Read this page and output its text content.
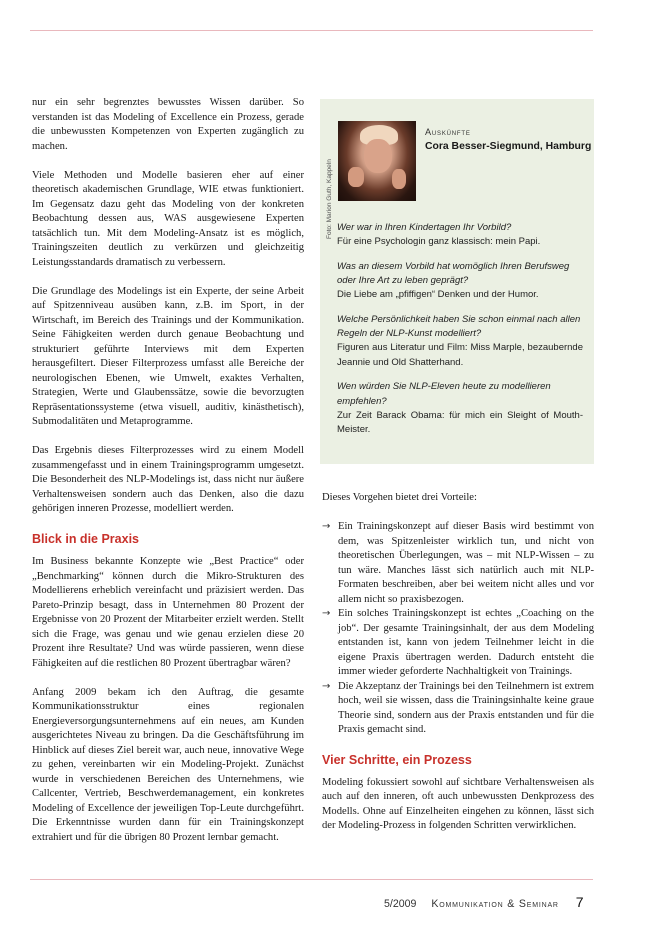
nur ein sehr begrenztes bewusstes Wissen darüber. So verstanden ist das Modeling of Excellence ein Prozess, gerade die unbewussten Kompetenzen von Experten zugänglich zu machen.

Viele Methoden und Modelle basieren eher auf einer theoretisch akademischen Grundlage, WIE etwas funktioniert. Im Gegensatz dazu geht das Modeling von der konkreten Beobachtung dessen aus, WAS ausgewiesene Experten tatsächlich tun. Mit dem Modeling-Ansatz ist es möglich, Trainingszeiten deutlich zu verkürzen und gleichzeitig Leistungsstandards dramatisch zu verbessern.

Die Grundlage des Modelings ist ein Experte, der seine Arbeit auf Spitzenniveau ausüben kann, z.B. im Sport, in der Wirtschaft, im Bereich des Trainings und der Kommunikation. Seine Fähigkeiten werden durch genaue Beobachtung und strukturiert geführte Interviews mit dem Experten herausgefiltert. Dieser Filterprozess umfasst alle Bereiche der neurologischen Ebenen, wie Umwelt, exaktes Verhalten, Strategien, Werte und Glaubenssätze, sowie die bevorzugten Repräsentationssysteme (etwa visuell, auditiv, kinästhetisch), Submodalitäten und Metaprogramme.

Das Ergebnis dieses Filterprozesses wird zu einem Modell zusammengefasst und in einem Trainingsprogramm umgesetzt. Die Besonderheit des NLP-Modelings ist, dass nicht nur äußere Verhaltensweisen sondern auch das Denken, also die dazu gehörigen inneren Prozesse, modelliert werden.

Blick in die Praxis

Im Business bekannte Konzepte wie „Best Practice“ oder „Benchmarking“ können durch die Mikro-Strukturen des Modellierens erheblich vereinfacht und präzisiert werden. Das Pareto-Prinzip besagt, dass in Unternehmen 80 Prozent der Ergebnisse von 20 Prozent der Mitarbeiter erzielt werden. Stellt sich die Frage, was genau und wie genau erzielen diese 20 Prozent ihre Resultate? Und was würde passieren, wenn diese Fähigkeiten auf die restlichen 80 Prozent übertragbar wären?

Anfang 2009 bekam ich den Auftrag, die gesamte Kommunikationsstruktur eines regionalen Energieversorgungsunternehmens auf ein neues, am Kunden ausgerichtetes Niveau zu bringen. Da die Geschäftsführung im Hinblick auf dieses Ziel bereit war, auch neue, innovative Wege zu gehen, vereinbarten wir ein Modeling-Projekt. Zunächst wurde in verschiedenen Bereichen des Unternehmens, wie Callcenter, Vertrieb, Beschwerdemanagement, ein konkretes Modeling of Excellence der jeweiligen Top-Leute durchgeführt. Die Erkenntnisse wurden dann für ein Trainingskonzept extrahiert und für die übrigen 80 Prozent lernbar gemacht.

Foto: Marion Guth, Kappeln
Auskünfte
Cora Besser-Siegmund, Hamburg
Wer war in Ihren Kindertagen Ihr Vorbild?
Für eine Psychologin ganz klassisch: mein Papi.
Was an diesem Vorbild hat womöglich Ihren Berufsweg oder Ihre Art zu leben geprägt?
Die Liebe am „pfiffigen“ Denken und der Humor.
Welche Persönlichkeit haben Sie schon einmal nach allen Regeln der NLP-Kunst modelliert?
Figuren aus Literatur und Film: Miss Marple, bezaubernde Jeannie und Old Shatterhand.
Wen würden Sie NLP-Eleven heute zu modellieren empfehlen?
Zur Zeit Barack Obama: für mich ein Sleight of Mouth-Meister.

Dieses Vorgehen bietet drei Vorteile:

→ Ein Trainingskonzept auf dieser Basis wird bestimmt von dem, was Spitzenleister wirklich tun, und nicht von theoretischen Überlegungen, was – mit NLP-Wissen – zu tun wäre. Manches lässt sich natürlich auch mit NLP-Formaten beschreiben, aber bei weitem nicht alles und vor allem nicht so praxisbezogen.
→ Ein solches Trainingskonzept ist echtes „Coaching on the job“. Der gesamte Trainingsinhalt, der aus dem Modeling entstanden ist, kann von jedem Teilnehmer leicht in die eigene Praxis übertragen werden. Dadurch entsteht die immer wieder geforderte Nachhaltigkeit von Trainings.
→ Die Akzeptanz der Trainings bei den Teilnehmern ist extrem hoch, weil sie wissen, dass die Trainingsinhalte keine graue Theorie sind, sondern aus der Praxis entstanden und für die Praxis gemacht sind.
Vier Schritte, ein Prozess

Modeling fokussiert sowohl auf sichtbare Verhaltensweisen als auch auf den inneren, oft auch unbewussten Denkprozess des Modells. Ohne auf Einzelheiten eingehen zu können, lässt sich der Modeling-Prozess in folgenden Schritten verwirklichen.

5/2009 Kommunikation & Seminar 7
